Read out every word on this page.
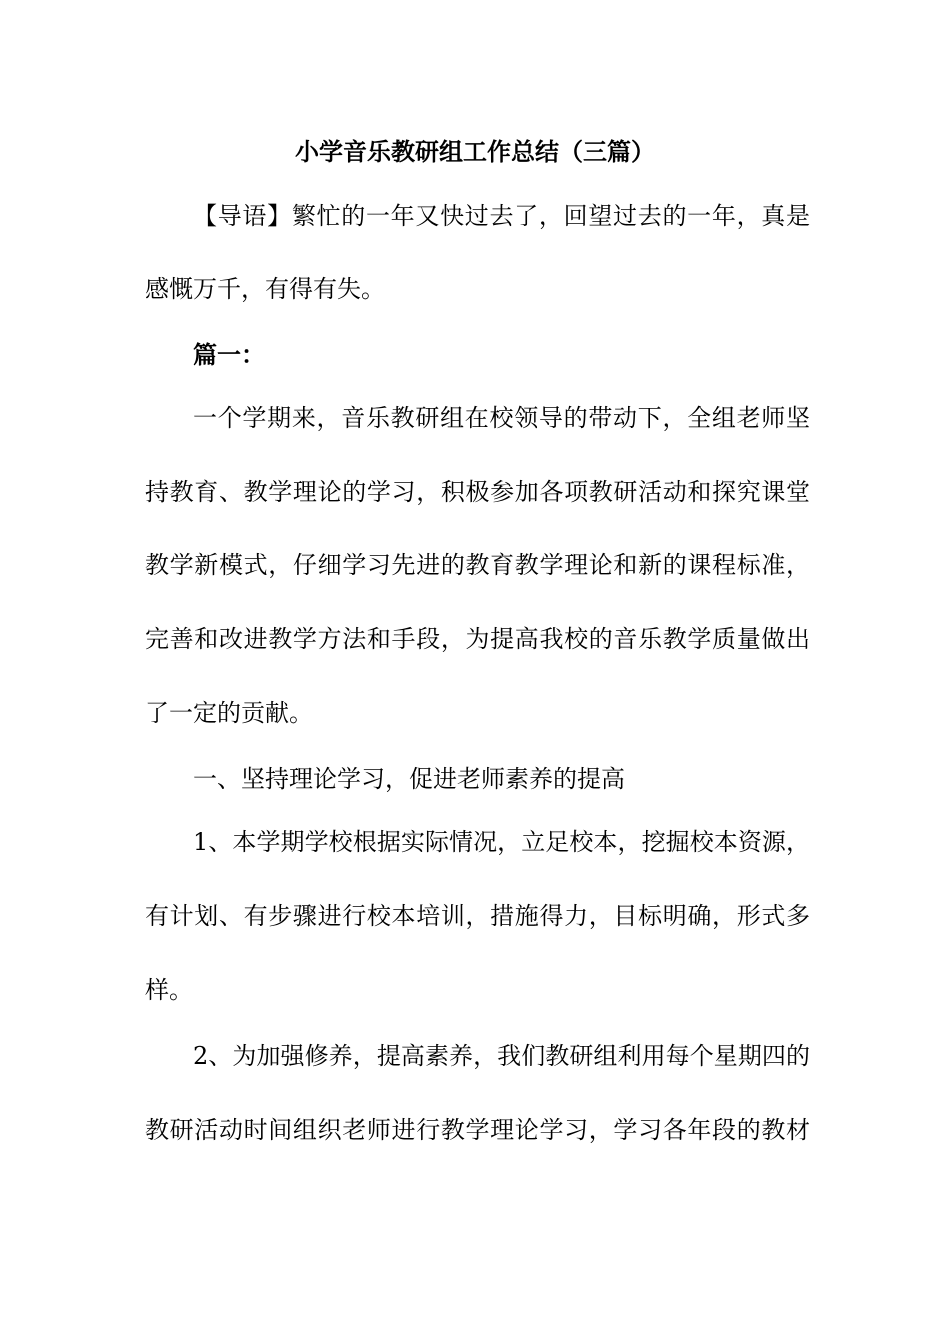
小学音乐教研组工作总结（三篇）
【导语】繁忙的一年又快过去了，回望过去的一年，真是
感慨万千，有得有失。
篇一：
一个学期来，音乐教研组在校领导的带动下，全组老师坚
持教育、教学理论的学习，积极参加各项教研活动和探究课堂
教学新模式，仔细学习先进的教育教学理论和新的课程标准，
完善和改进教学方法和手段，为提高我校的音乐教学质量做出
了一定的贡献。
一、坚持理论学习，促进老师素养的提高
1、本学期学校根据实际情况，立足校本，挖掘校本资源，
有计划、有步骤进行校本培训，措施得力，目标明确，形式多
样。
2、为加强修养，提高素养，我们教研组利用每个星期四的
教研活动时间组织老师进行教学理论学习，学习各年段的教材
